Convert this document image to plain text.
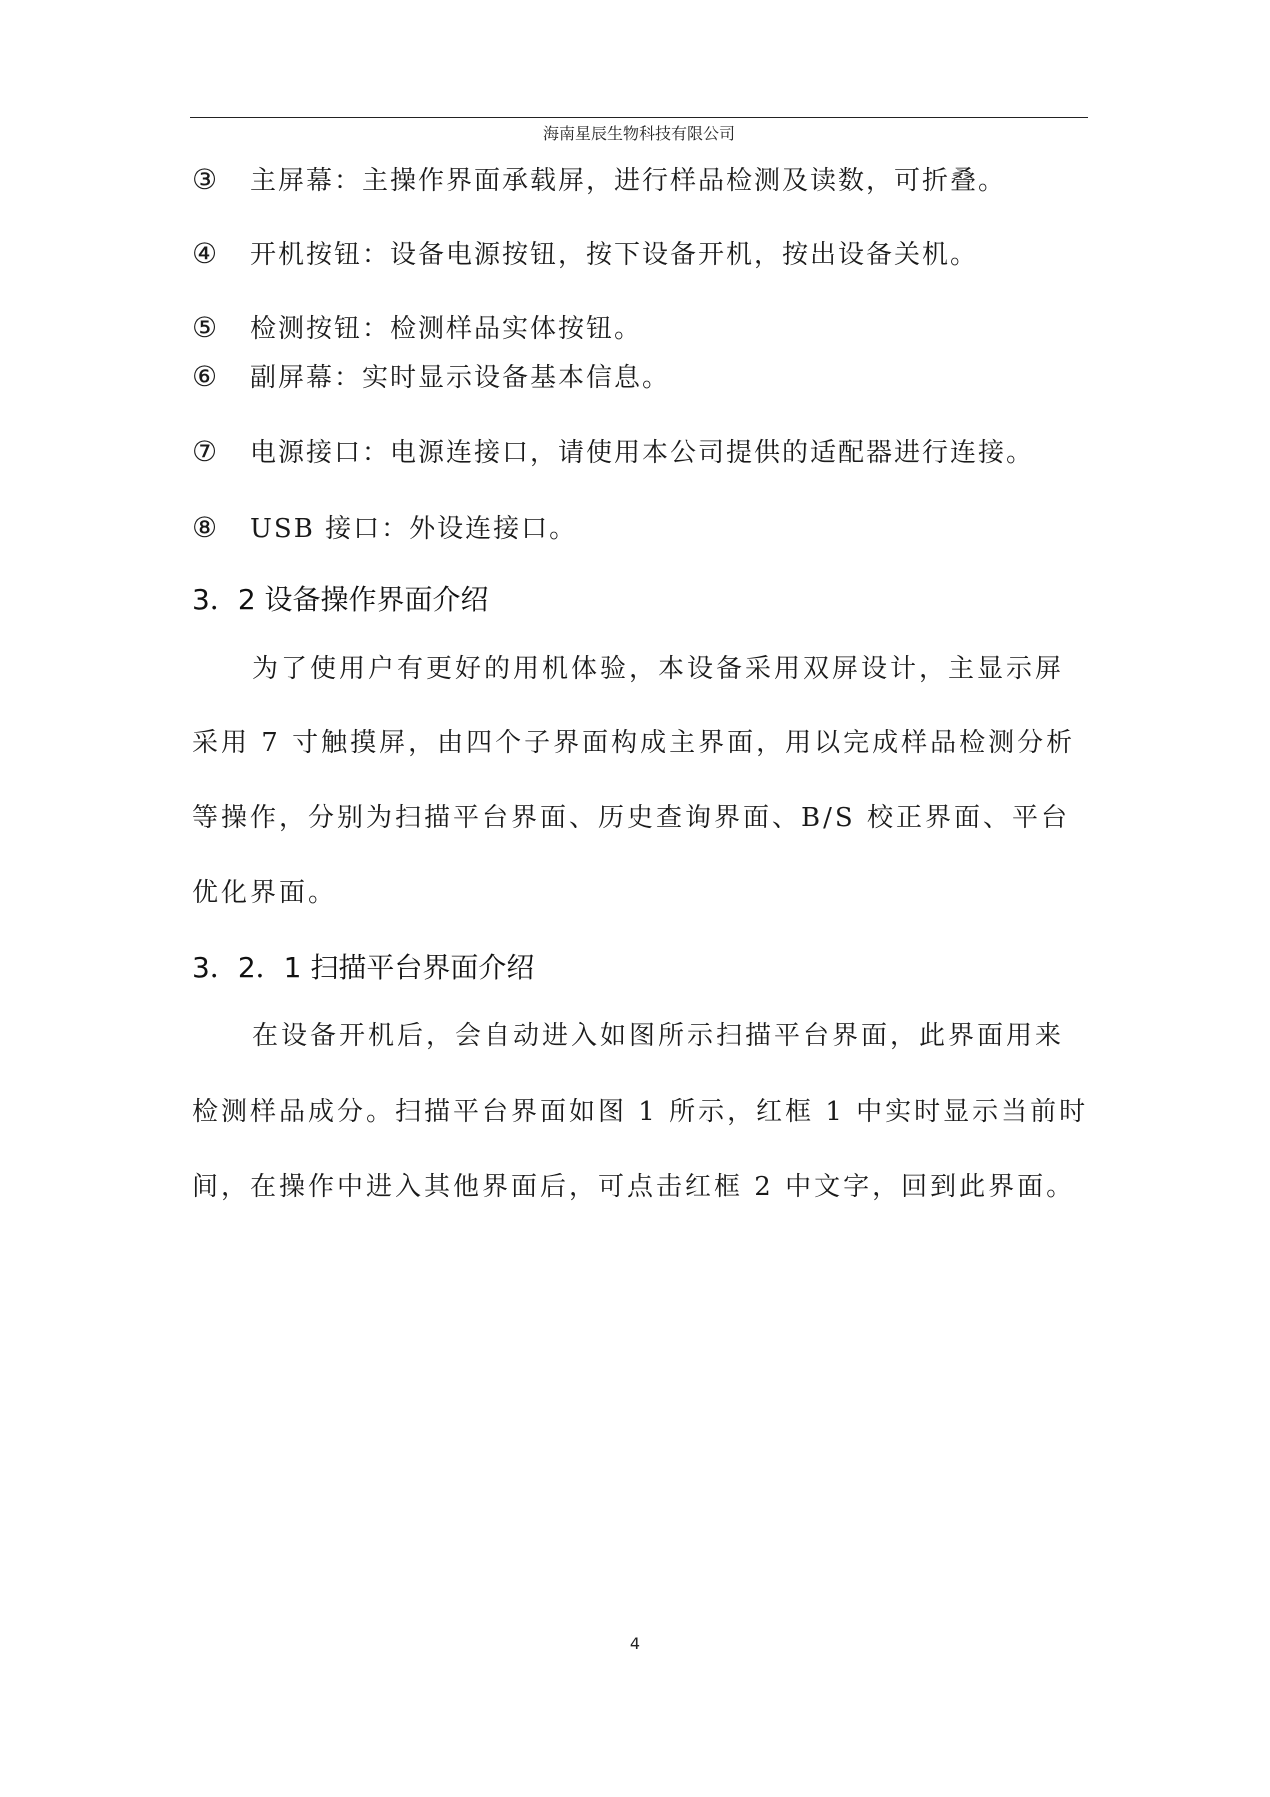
海南星辰生物科技有限公司
③ 主屏幕：主操作界面承载屏，进行样品检测及读数，可折叠。
④ 开机按钮：设备电源按钮，按下设备开机，按出设备关机。
⑤ 检测按钮：检测样品实体按钮。
⑥ 副屏幕：实时显示设备基本信息。
⑦ 电源接口：电源连接口，请使用本公司提供的适配器进行连接。
⑧ USB 接口：外设连接口。
3．2 设备操作界面介绍
为了使用户有更好的用机体验，本设备采用双屏设计，主显示屏
采用 7 寸触摸屏，由四个子界面构成主界面，用以完成样品检测分析
等操作，分别为扫描平台界面、历史查询界面、B/S 校正界面、平台
优化界面。
3．2．1 扫描平台界面介绍
在设备开机后，会自动进入如图所示扫描平台界面，此界面用来
检测样品成分。扫描平台界面如图 1 所示，红框 1 中实时显示当前时
间，在操作中进入其他界面后，可点击红框 2 中文字，回到此界面。
4
